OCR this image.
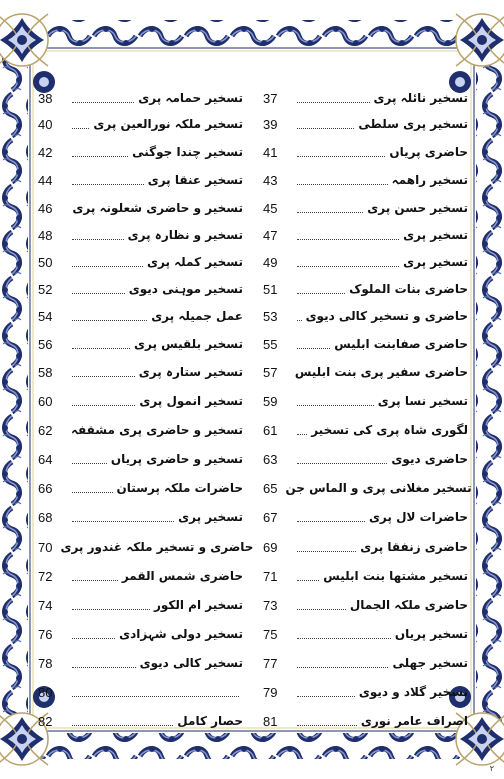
37	تسخیر نائلہ پری
38	تسخیر حمامہ پری
39	تسخیر پری سلطی
40	تسخیر ملکہ نورالعین پری
41	حاضری پریاں
42	تسخیر چندا جوگنی
43	تسخیر راھمہ
44	تسخیر عنقا پری
45	تسخیر حسن پری
46	تسخیر و حاضری شعلونہ پری
47	تسخیر پری
48	تسخیر و نظارہ پری
49	تسخیر پری
50	تسخیر کملہ پری
51	حاضری بنات الملوک
52	تسخیر موہنی دیوی
53	حاضری و تسخیر کالی دیوی
54	عمل جمیلہ پری
55	حاضری صفابنت ابلیس
56	تسخیر بلقیس پری
57	حاضری سفیر پری بنت ابلیس
58	تسخیر ستارہ پری
59	تسخیر نسا پری
60	تسخیر انمول پری
61	لگوری شاہ پری کی تسخیر
62	تسخیر و حاضری پری مشقفہ
63	حاضری دیوی
64	تسخیر و حاضری پریاں
65 تسخیر مغلانی پری و الماس جن
66	حاضرات ملکہ پرستان
67	حاضرات لال پری
68	تسخیر پری
69	حاضری زنفقا پری
70 حاضری و تسخیر ملکہ غندور پری
71	تسخیر مشتھا بنت ابلیس
72	حاضری شمس القمر
73	حاضری ملکہ الجمال
74	تسخیر ام الکور
75	تسخیر پریاں
76	تسخیر دولی شہزادی
77	تسخیر جھلی
78	تسخیر کالی دیوی
79	تسخیر گلاد و دیوی
80
81	اصراف عامر نوری
82	حصار کامل
۲
